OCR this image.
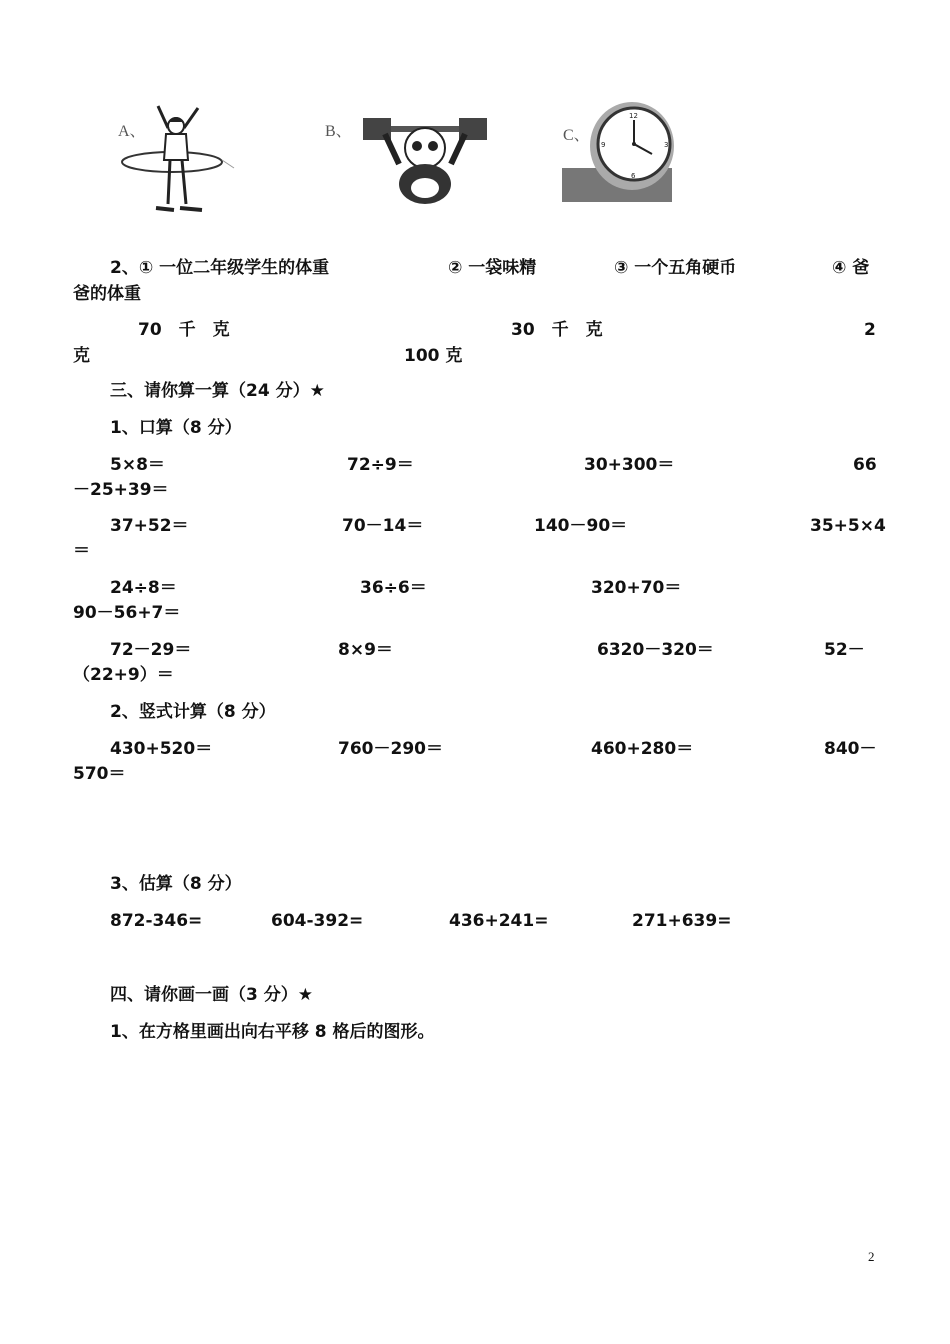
A、	B、	C、
12
3
6
9
2、① 一位二年级学生的体重	② 一袋味精	③ 一个五角硬币	④ 爸
爸的体重
70　千　克	30　千　克	2
克	100 克
三、请你算一算（24 分）★
1、口算（8 分）
5×8＝	72÷9＝	30+300＝	66
－25+39＝
37+52＝	70－14＝	140－90＝	35+5×4
＝
24÷8＝	36÷6＝	320+70＝
90－56+7＝
72－29＝	8×9＝	6320－320＝	52－
（22+9）＝
2、竖式计算（8 分）
430+520＝	760－290＝	460+280＝	840－
570＝
3、估算（8 分）
872-346=	604-392=	436+241=	271+639=
四、请你画一画（3 分）★
1、在方格里画出向右平移 8 格后的图形。
2
